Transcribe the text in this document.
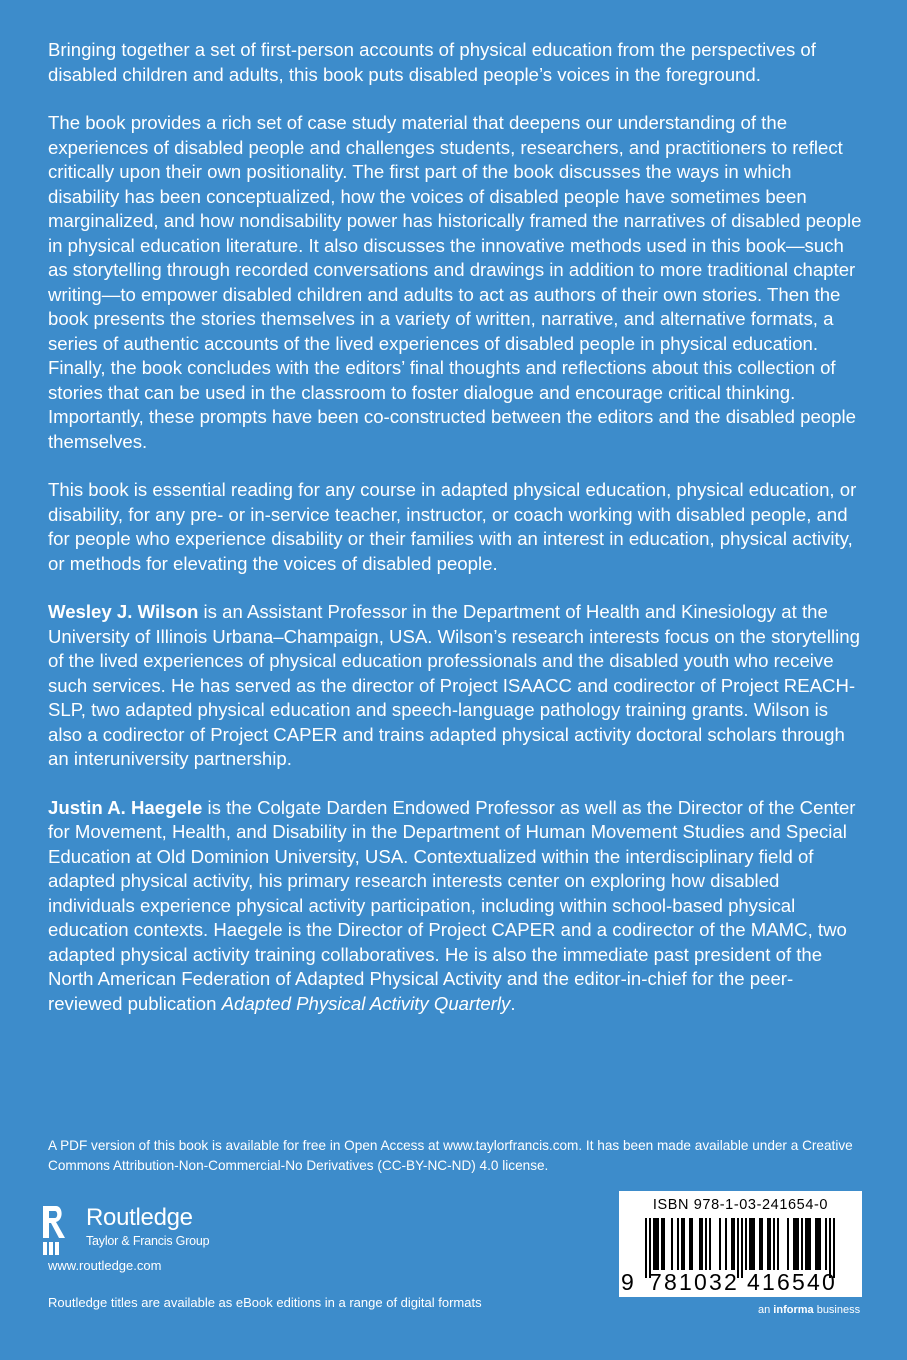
Bringing together a set of first-person accounts of physical education from the perspectives of disabled children and adults, this book puts disabled people’s voices in the foreground.

The book provides a rich set of case study material that deepens our understanding of the experiences of disabled people and challenges students, researchers, and practitioners to reflect critically upon their own positionality. The first part of the book discusses the ways in which disability has been conceptualized, how the voices of disabled people have sometimes been marginalized, and how nondisability power has historically framed the narratives of disabled people in physical education literature. It also discusses the innovative methods used in this book—such as storytelling through recorded conversations and drawings in addition to more traditional chapter writing—to empower disabled children and adults to act as authors of their own stories. Then the book presents the stories themselves in a variety of written, narrative, and alternative formats, a series of authentic accounts of the lived experiences of disabled people in physical education. Finally, the book concludes with the editors’ final thoughts and reflections about this collection of stories that can be used in the classroom to foster dialogue and encourage critical thinking. Importantly, these prompts have been co-constructed between the editors and the disabled people themselves.

This book is essential reading for any course in adapted physical education, physical education, or disability, for any pre- or in-service teacher, instructor, or coach working with disabled people, and for people who experience disability or their families with an interest in education, physical activity, or methods for elevating the voices of disabled people.

Wesley J. Wilson is an Assistant Professor in the Department of Health and Kinesiology at the University of Illinois Urbana–Champaign, USA. Wilson’s research interests focus on the storytelling of the lived experiences of physical education professionals and the disabled youth who receive such services. He has served as the director of Project ISAACC and codirector of Project REACH-SLP, two adapted physical education and speech-language pathology training grants. Wilson is also a codirector of Project CAPER and trains adapted physical activity doctoral scholars through an interuniversity partnership.

Justin A. Haegele is the Colgate Darden Endowed Professor as well as the Director of the Center for Movement, Health, and Disability in the Department of Human Movement Studies and Special Education at Old Dominion University, USA. Contextualized within the interdisciplinary field of adapted physical activity, his primary research interests center on exploring how disabled individuals experience physical activity participation, including within school-based physical education contexts. Haegele is the Director of Project CAPER and a codirector of the MAMC, two adapted physical activity training collaboratives. He is also the immediate past president of the North American Federation of Adapted Physical Activity and the editor-in-chief for the peer-reviewed publication Adapted Physical Activity Quarterly.

A PDF version of this book is available for free in Open Access at www.taylorfrancis.com. It has been made available under a Creative Commons Attribution-Non-Commercial-No Derivatives (CC-BY-NC-ND) 4.0 license.
Routledge
Taylor & Francis Group
www.routledge.com
Routledge titles are available as eBook editions in a range of digital formats
ISBN 978-1-03-241654-0
9 781032 416540
an informa business
